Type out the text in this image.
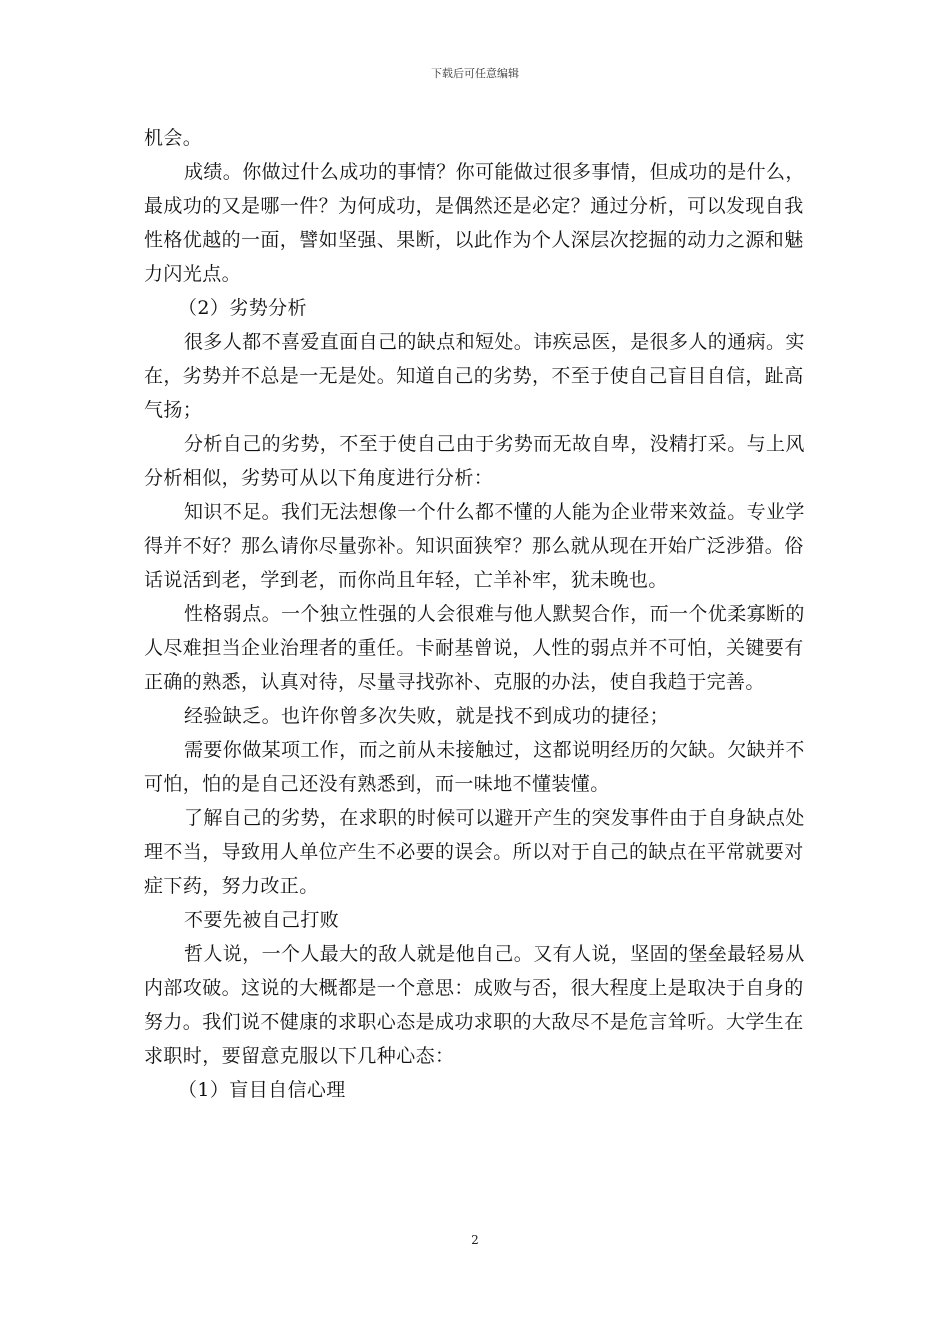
下载后可任意编辑
机会。
成绩。你做过什么成功的事情？你可能做过很多事情，但成功的是什么，
最成功的又是哪一件？为何成功，是偶然还是必定？通过分析，可以发现自我
性格优越的一面，譬如坚强、果断，以此作为个人深层次挖掘的动力之源和魅
力闪光点。
（2）劣势分析
很多人都不喜爱直面自己的缺点和短处。讳疾忌医，是很多人的通病。实
在，劣势并不总是一无是处。知道自己的劣势，不至于使自己盲目自信，趾高
气扬；
分析自己的劣势，不至于使自己由于劣势而无故自卑，没精打采。与上风
分析相似，劣势可从以下角度进行分析：
知识不足。我们无法想像一个什么都不懂的人能为企业带来效益。专业学
得并不好？那么请你尽量弥补。知识面狭窄？那么就从现在开始广泛涉猎。俗
话说活到老，学到老，而你尚且年轻，亡羊补牢，犹未晚也。
性格弱点。一个独立性强的人会很难与他人默契合作，而一个优柔寡断的
人尽难担当企业治理者的重任。卡耐基曾说，人性的弱点并不可怕，关键要有
正确的熟悉，认真对待，尽量寻找弥补、克服的办法，使自我趋于完善。
经验缺乏。也许你曾多次失败，就是找不到成功的捷径；
需要你做某项工作，而之前从未接触过，这都说明经历的欠缺。欠缺并不
可怕，怕的是自己还没有熟悉到，而一味地不懂装懂。
了解自己的劣势，在求职的时候可以避开产生的突发事件由于自身缺点处
理不当，导致用人单位产生不必要的误会。所以对于自己的缺点在平常就要对
症下药，努力改正。
不要先被自己打败
哲人说，一个人最大的敌人就是他自己。又有人说，坚固的堡垒最轻易从
内部攻破。这说的大概都是一个意思：成败与否，很大程度上是取决于自身的
努力。我们说不健康的求职心态是成功求职的大敌尽不是危言耸听。大学生在
求职时，要留意克服以下几种心态：
（1）盲目自信心理
2
